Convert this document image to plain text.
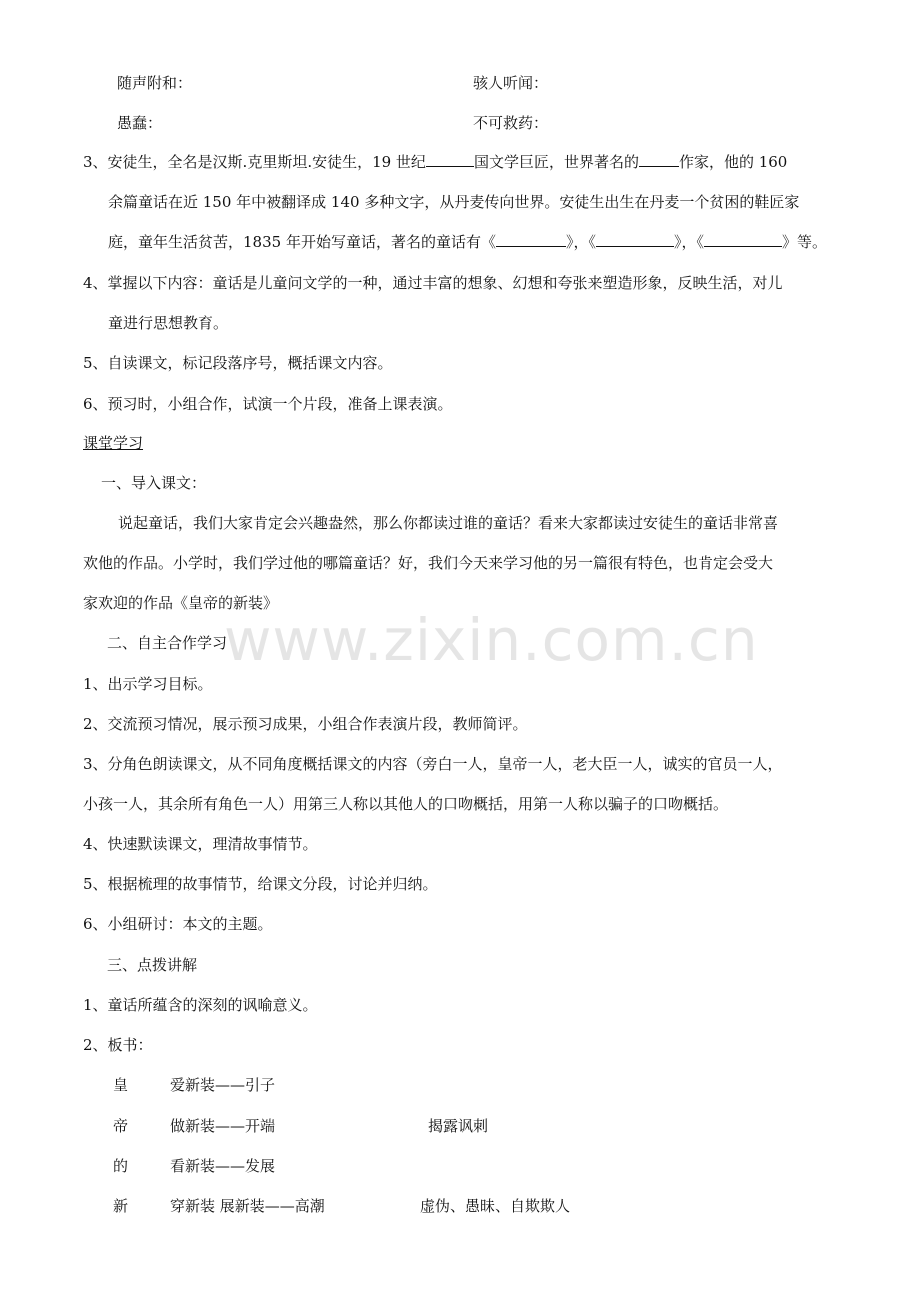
随声附和：	骇人听闻：
愚蠢：	不可救药：
3、安徒生，全名是汉斯.克里斯坦.安徒生，19 世纪	国文学巨匠，世界著名的	作家，他的 160
余篇童话在近 150 年中被翻译成 140 多种文字，从丹麦传向世界。安徒生出生在丹麦一个贫困的鞋匠家
庭，童年生活贫苦，1835 年开始写童话，著名的童话有《	》，《	》，《	》等。
4、掌握以下内容：童话是儿童问文学的一种，通过丰富的想象、幻想和夸张来塑造形象，反映生活，对儿
童进行思想教育。
5、自读课文，标记段落序号，概括课文内容。
6、预习时，小组合作，试演一个片段，准备上课表演。
课堂学习
一、导入课文：
说起童话，我们大家肯定会兴趣盎然，那么你都读过谁的童话？看来大家都读过安徒生的童话非常喜
欢他的作品。小学时，我们学过他的哪篇童话？好，我们今天来学习他的另一篇很有特色，也肯定会受大
家欢迎的作品《皇帝的新装》
二、自主合作学习
1、出示学习目标。
2、交流预习情况，展示预习成果，小组合作表演片段，教师简评。
3、分角色朗读课文，从不同角度概括课文的内容（旁白一人，皇帝一人，老大臣一人，诚实的官员一人，
小孩一人，其余所有角色一人）用第三人称以其他人的口吻概括，用第一人称以骗子的口吻概括。
4、快速默读课文，理清故事情节。
5、根据梳理的故事情节，给课文分段，讨论并归纳。
6、小组研讨：本文的主题。
三、点拨讲解
1、童话所蕴含的深刻的讽喻意义。
2、板书：
皇	爱新装——引子
帝	做新装——开端	揭露讽刺
的	看新装——发展
新	穿新装 展新装——高潮	虚伪、愚昧、自欺欺人
www.zixin.com.cn
